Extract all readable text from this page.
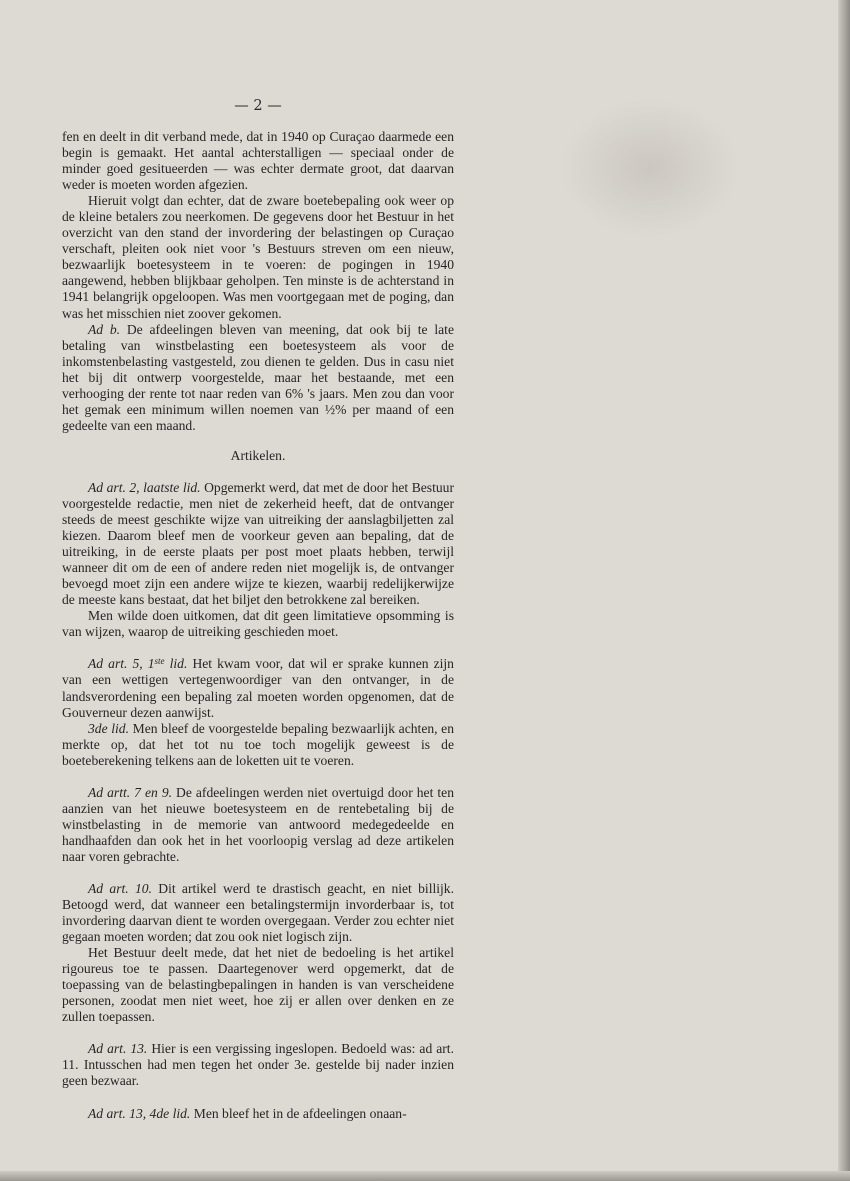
— 2 —

fen en deelt in dit verband mede, dat in 1940 op Curaçao daarmede een begin is gemaakt. Het aantal achterstalligen — speciaal onder de minder goed gesitueerden — was echter dermate groot, dat daarvan weder is moeten worden afgezien.

Hieruit volgt dan echter, dat de zware boetebepaling ook weer op de kleine betalers zou neerkomen. De gegevens door het Bestuur in het overzicht van den stand der invordering der belastingen op Curaçao verschaft, pleiten ook niet voor 's Bestuurs streven om een nieuw, bezwaarlijk boetesysteem in te voeren: de pogingen in 1940 aangewend, hebben blijkbaar geholpen. Ten minste is de achterstand in 1941 belangrijk opgeloopen. Was men voortgegaan met de poging, dan was het misschien niet zoover gekomen.

Ad b. De afdeelingen bleven van meening, dat ook bij te late betaling van winstbelasting een boetesysteem als voor de inkomstenbelasting vastgesteld, zou dienen te gelden. Dus in casu niet het bij dit ontwerp voorgestelde, maar het bestaande, met een verhooging der rente tot naar reden van 6% 's jaars. Men zou dan voor het gemak een minimum willen noemen van ½% per maand of een gedeelte van een maand.

Artikelen.

Ad art. 2, laatste lid. Opgemerkt werd, dat met de door het Bestuur voorgestelde redactie, men niet de zekerheid heeft, dat de ontvanger steeds de meest geschikte wijze van uitreiking der aanslagbiljetten zal kiezen. Daarom bleef men de voorkeur geven aan bepaling, dat de uitreiking, in de eerste plaats per post moet plaats hebben, terwijl wanneer dit om de een of andere reden niet mogelijk is, de ontvanger bevoegd moet zijn een andere wijze te kiezen, waarbij redelijkerwijze de meeste kans bestaat, dat het biljet den betrokkene zal bereiken.

Men wilde doen uitkomen, dat dit geen limitatieve opsomming is van wijzen, waarop de uitreiking geschieden moet.

Ad art. 5, 1ste lid. Het kwam voor, dat wil er sprake kunnen zijn van een wettigen vertegenwoordiger van den ontvanger, in de landsverordening een bepaling zal moeten worden opgenomen, dat de Gouverneur dezen aanwijst.

3de lid. Men bleef de voorgestelde bepaling bezwaarlijk achten, en merkte op, dat het tot nu toe toch mogelijk geweest is de boeteberekening telkens aan de loketten uit te voeren.

Ad artt. 7 en 9. De afdeelingen werden niet overtuigd door het ten aanzien van het nieuwe boetesysteem en de rentebetaling bij de winstbelasting in de memorie van antwoord medegedeelde en handhaafden dan ook het in het voorloopig verslag ad deze artikelen naar voren gebrachte.

Ad art. 10. Dit artikel werd te drastisch geacht, en niet billijk. Betoogd werd, dat wanneer een betalingstermijn invorderbaar is, tot invordering daarvan dient te worden overgegaan. Verder zou echter niet gegaan moeten worden; dat zou ook niet logisch zijn.

Het Bestuur deelt mede, dat het niet de bedoeling is het artikel rigoureus toe te passen. Daartegenover werd opgemerkt, dat de toepassing van de belastingbepalingen in handen is van verscheidene personen, zoodat men niet weet, hoe zij er allen over denken en ze zullen toepassen.

Ad art. 13. Hier is een vergissing ingeslopen. Bedoeld was: ad art. 11. Intusschen had men tegen het onder 3e. gestelde bij nader inzien geen bezwaar.

Ad art. 13, 4de lid. Men bleef het in de afdeelingen onaan-
